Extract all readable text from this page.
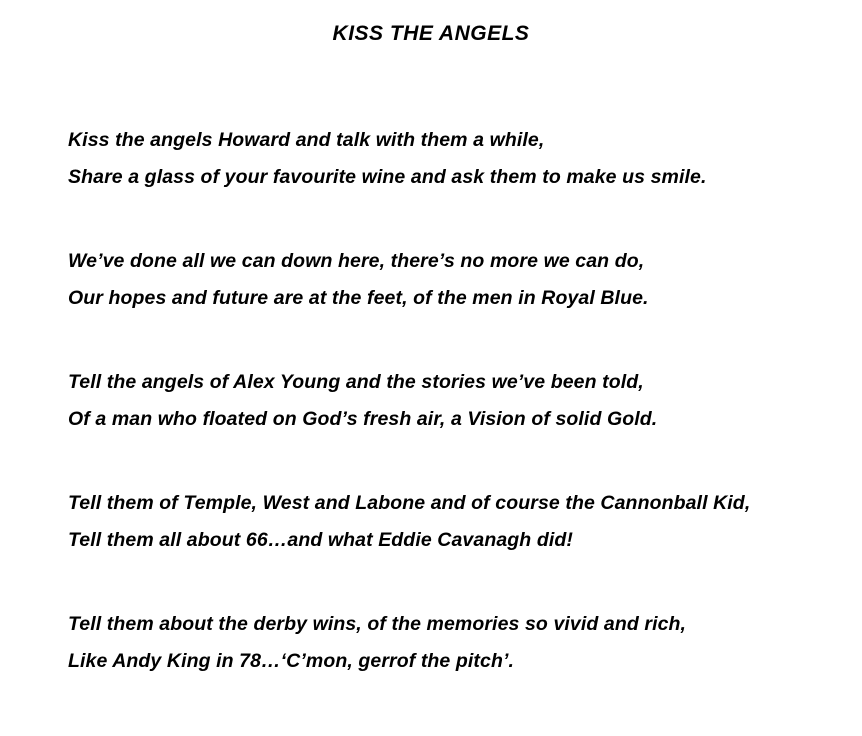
KISS THE ANGELS
Kiss the angels Howard and talk with them a while,
Share a glass of your favourite wine and ask them to make us smile.
We’ve done all we can down here, there’s no more we can do,
Our hopes and future are at the feet, of the men in Royal Blue.
Tell the angels of Alex Young and the stories we’ve been told,
Of a man who floated on God’s fresh air, a Vision of solid Gold.
Tell them of Temple, West and Labone and of course the Cannonball Kid,
Tell them all about 66…and what Eddie Cavanagh did!
Tell them about the derby wins, of the memories so vivid and rich,
Like Andy King in 78…‘C’mon, gerrof the pitch’.
